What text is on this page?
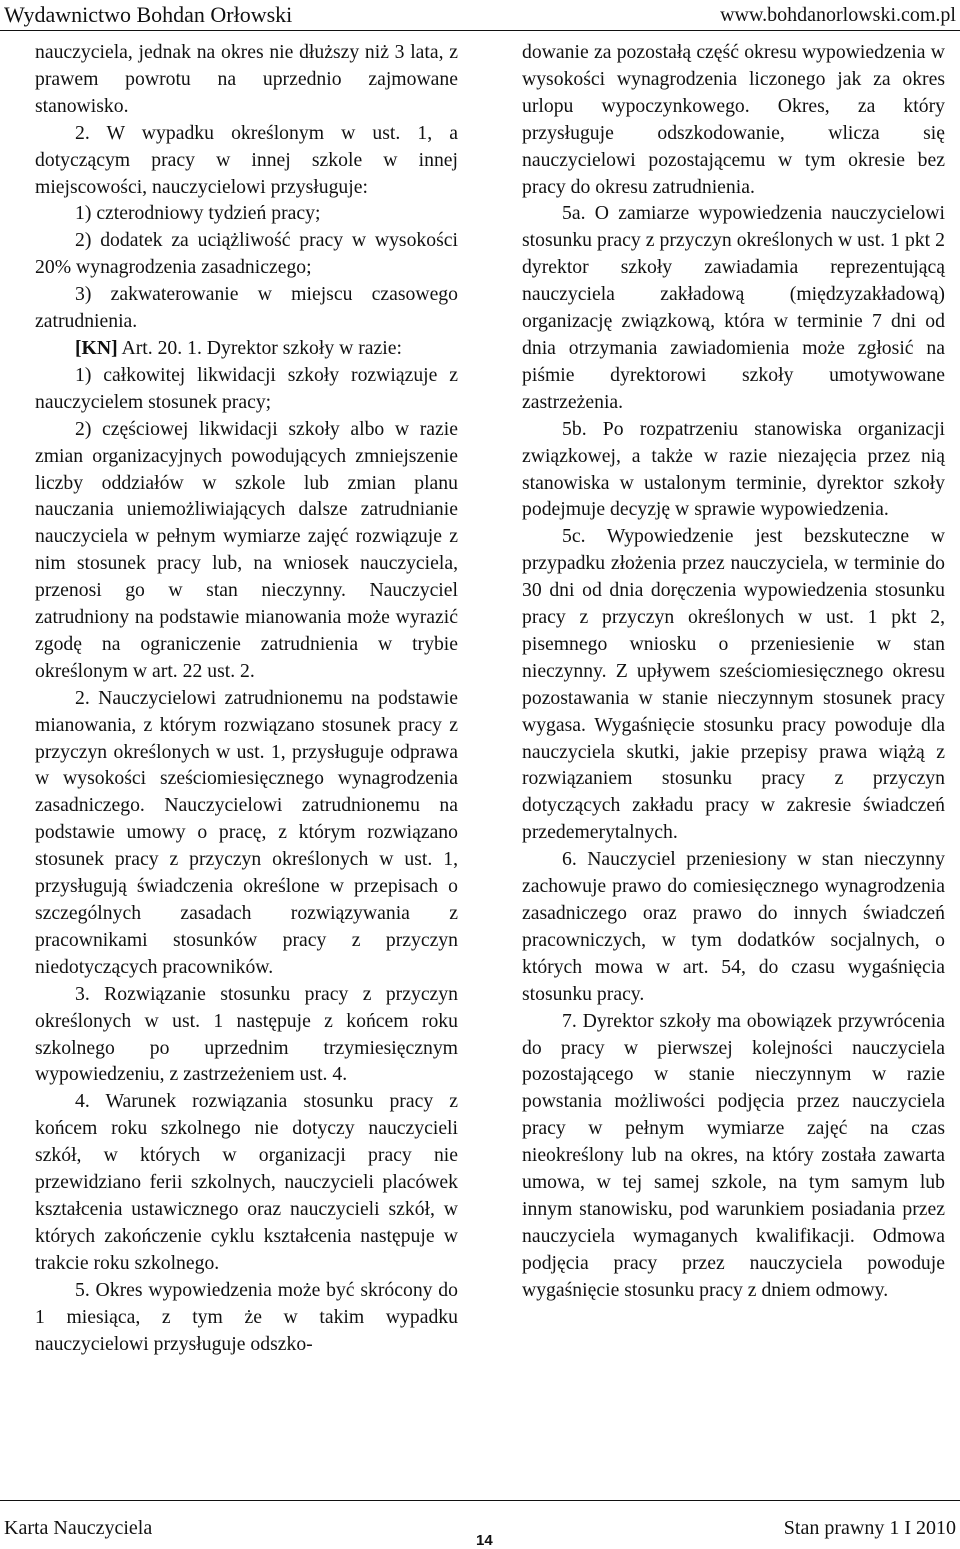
Wydawnictwo Bohdan Orłowski	www.bohdanorlowski.com.pl

nauczyciela, jednak na okres nie dłuższy niż 3 lata, z prawem powrotu na uprzednio zajmowane stanowisko.

2. W wypadku określonym w ust. 1, a dotyczącym pracy w innej szkole w innej miejscowości, nauczycielowi przysługuje:

1) czterodniowy tydzień pracy;

2) dodatek za uciążliwość pracy w wysokości 20% wynagrodzenia zasadniczego;

3) zakwaterowanie w miejscu czasowego zatrudnienia.

[KN] Art. 20. 1. Dyrektor szkoły w razie:

1) całkowitej likwidacji szkoły rozwiązuje z nauczycielem stosunek pracy;

2) częściowej likwidacji szkoły albo w razie zmian organizacyjnych powodujących zmniejszenie liczby oddziałów w szkole lub zmian planu nauczania uniemożliwiających dalsze zatrudnianie nauczyciela w pełnym wymiarze zajęć rozwiązuje z nim stosunek pracy lub, na wniosek nauczyciela, przenosi go w stan nieczynny. Nauczyciel zatrudniony na podstawie mianowania może wyrazić zgodę na ograniczenie zatrudnienia w trybie określonym w art. 22 ust. 2.

2. Nauczycielowi zatrudnionemu na podstawie mianowania, z którym rozwiązano stosunek pracy z przyczyn określonych w ust. 1, przysługuje odprawa w wysokości sześciomiesięcznego wynagrodzenia zasadniczego. Nauczycielowi zatrudnionemu na podstawie umowy o pracę, z którym rozwiązano stosunek pracy z przyczyn określonych w ust. 1, przysługują świadczenia określone w przepisach o szczególnych zasadach rozwiązywania z pracownikami stosunków pracy z przyczyn niedotyczących pracowników.

3. Rozwiązanie stosunku pracy z przyczyn określonych w ust. 1 następuje z końcem roku szkolnego po uprzednim trzymiesięcznym wypowiedzeniu, z zastrzeżeniem ust. 4.

4. Warunek rozwiązania stosunku pracy z końcem roku szkolnego nie dotyczy nauczycieli szkół, w których w organizacji pracy nie przewidziano ferii szkolnych, nauczycieli placówek kształcenia ustawicznego oraz nauczycieli szkół, w których zakończenie cyklu kształcenia następuje w trakcie roku szkolnego.

5. Okres wypowiedzenia może być skrócony do 1 miesiąca, z tym że w takim wypadku nauczycielowi przysługuje odszko-

dowanie za pozostałą część okresu wypowiedzenia w wysokości wynagrodzenia liczonego jak za okres urlopu wypoczynkowego. Okres, za który przysługuje odszkodowanie, wlicza się nauczycielowi pozostającemu w tym okresie bez pracy do okresu zatrudnienia.

5a. O zamiarze wypowiedzenia nauczycielowi stosunku pracy z przyczyn określonych w ust. 1 pkt 2 dyrektor szkoły zawiadamia reprezentującą nauczyciela zakładową (międzyzakładową) organizację związkową, która w terminie 7 dni od dnia otrzymania zawiadomienia może zgłosić na piśmie dyrektorowi szkoły umotywowane zastrzeżenia.

5b. Po rozpatrzeniu stanowiska organizacji związkowej, a także w razie niezajęcia przez nią stanowiska w ustalonym terminie, dyrektor szkoły podejmuje decyzję w sprawie wypowiedzenia.

5c. Wypowiedzenie jest bezskuteczne w przypadku złożenia przez nauczyciela, w terminie do 30 dni od dnia doręczenia wypowiedzenia stosunku pracy z przyczyn określonych w ust. 1 pkt 2, pisemnego wniosku o przeniesienie w stan nieczynny. Z upływem sześciomiesięcznego okresu pozostawania w stanie nieczynnym stosunek pracy wygasa. Wygaśnięcie stosunku pracy powoduje dla nauczyciela skutki, jakie przepisy prawa wiążą z rozwiązaniem stosunku pracy z przyczyn dotyczących zakładu pracy w zakresie świadczeń przedemerytalnych.

6. Nauczyciel przeniesiony w stan nieczynny zachowuje prawo do comiesięcznego wynagrodzenia zasadniczego oraz prawo do innych świadczeń pracowniczych, w tym dodatków socjalnych, o których mowa w art. 54, do czasu wygaśnięcia stosunku pracy.

7. Dyrektor szkoły ma obowiązek przywrócenia do pracy w pierwszej kolejności nauczyciela pozostającego w stanie nieczynnym w razie powstania możliwości podjęcia przez nauczyciela pracy w pełnym wymiarze zajęć na czas nieokreślony lub na okres, na który została zawarta umowa, w tej samej szkole, na tym samym lub innym stanowisku, pod warunkiem posiadania przez nauczyciela wymaganych kwalifikacji. Odmowa podjęcia pracy przez nauczyciela powoduje wygaśnięcie stosunku pracy z dniem odmowy.

Karta Nauczyciela
14
Stan prawny 1 I 2010
